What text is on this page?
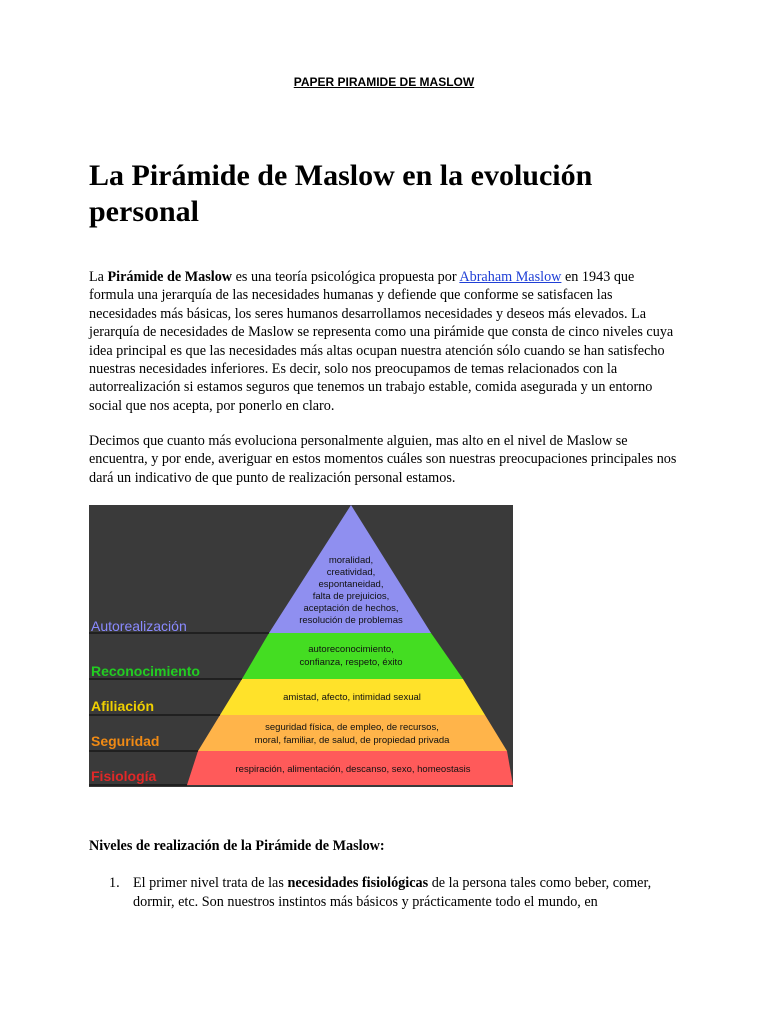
PAPER PIRAMIDE DE MASLOW
La Pirámide de Maslow en la evolución personal

La Pirámide de Maslow es una teoría psicológica propuesta por Abraham Maslow en 1943 que formula una jerarquía de las necesidades humanas y defiende que conforme se satisfacen las necesidades más básicas, los seres humanos desarrollamos necesidades y deseos más elevados. La jerarquía de necesidades de Maslow se representa como una pirámide que consta de cinco niveles cuya idea principal es que las necesidades más altas ocupan nuestra atención sólo cuando se han satisfecho nuestras necesidades inferiores. Es decir, solo nos preocupamos de temas relacionados con la autorrealización si estamos seguros que tenemos un trabajo estable, comida asegurada y un entorno social que nos acepta, por ponerlo en claro.

Decimos que cuanto más evoluciona personalmente alguien, mas alto en el nivel de Maslow se encuentra, y por ende, averiguar en estos momentos cuáles son nuestras preocupaciones principales nos dará un indicativo de que punto de realización personal estamos.

Autorealización
Reconocimiento
Afiliación
Seguridad
Fisiología
moralidad,
creatividad,
espontaneidad,
falta de prejuicios,
aceptación de hechos,
resolución de problemas
autoreconocimiento,
confianza, respeto, éxito
amistad, afecto, intimidad sexual
seguridad física, de empleo, de recursos,
moral, familiar, de salud, de propiedad privada
respiración, alimentación, descanso, sexo, homeostasis

Niveles de realización de la Pirámide de Maslow:

1. El primer nivel trata de las necesidades fisiológicas de la persona tales como beber, comer, dormir, etc. Son nuestros instintos más básicos y prácticamente todo el mundo, en
